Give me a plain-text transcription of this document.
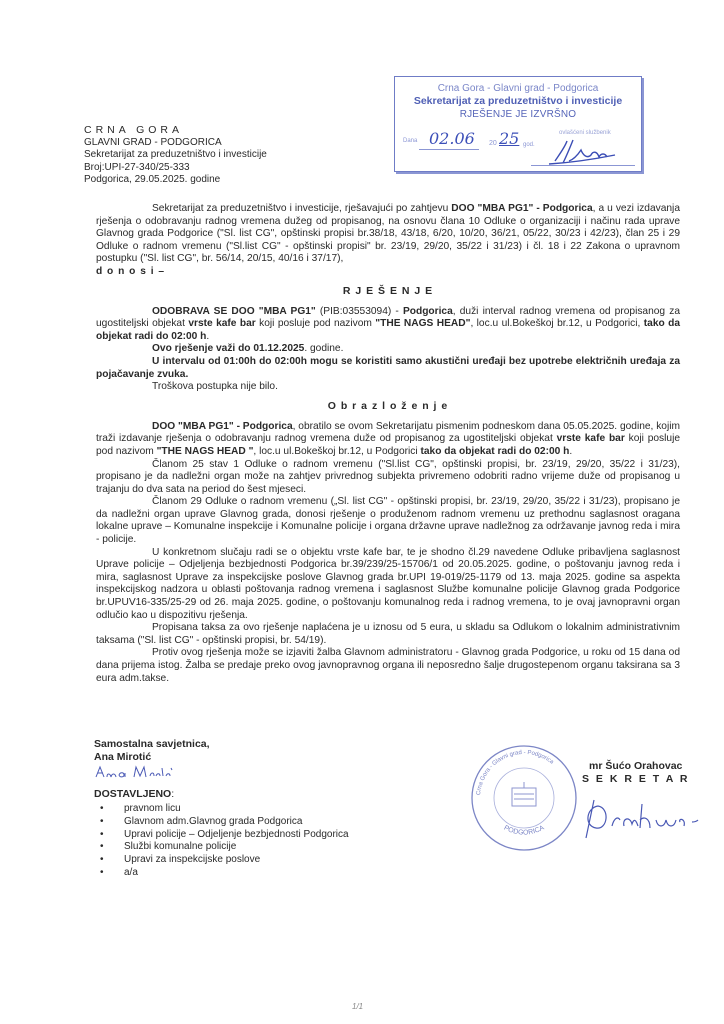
Crna Gora - Glavni grad - Podgorica
Sekretarijat za preduzetništvo i investicije
RJEŠENJE JE IZVRŠNO
Dana 02.06 20 25 god.
ovlašćeni službenik
CRNA GORA
GLAVNI GRAD - PODGORICA
Sekretarijat za preduzetništvo i investicije
Broj:UPI-27-340/25-333
Podgorica, 29.05.2025. godine
Sekretarijat za preduzetništvo i investicije, rješavajući po zahtjevu DOO "MBA PG1" - Podgorica, a u vezi izdavanja rješenja o odobravanju radnog vremena dužeg od propisanog, na osnovu člana 10 Odluke o organizaciji i načinu rada uprave Glavnog grada Podgorice ("Sl. list CG", opštinski propisi br.38/18, 43/18, 6/20, 10/20, 36/21, 05/22, 30/23 i 42/23), član 25 i 29 Odluke o radnom vremenu ("Sl.list CG" - opštinski propisi" br. 23/19, 29/20, 35/22 i 31/23) i čl. 18 i 22 Zakona o upravnom postupku ("Sl. list CG", br. 56/14, 20/15, 40/16 i 37/17),
d o n o s i –
R J E Š E N J E
ODOBRAVA SE DOO "MBA PG1" (PIB:03553094) - Podgorica, duži interval radnog vremena od propisanog za ugostiteljski objekat vrste kafe bar koji posluje pod nazivom "THE NAGS HEAD", loc.u ul.Bokeškoj br.12, u Podgorici, tako da objekat radi do 02:00 h.
Ovo rješenje važi do 01.12.2025. godine.
U intervalu od 01:00h do 02:00h mogu se koristiti samo akustični uređaji bez upotrebe električnih uređaja za pojačavanje zvuka.
Troškova postupka nije bilo.
O b r a z l o ž e n j e
DOO "MBA PG1" - Podgorica, obratilo se ovom Sekretarijatu pismenim podneskom dana 05.05.2025. godine, kojim traži izdavanje rješenja o odobravanju radnog vremena duže od propisanog za ugostiteljski objekat vrste kafe bar koji posluje pod nazivom "THE NAGS HEAD ", loc.u ul.Bokeškoj br.12, u Podgorici tako da objekat radi do 02:00 h.
Članom 25 stav 1 Odluke o radnom vremenu ("Sl.list CG", opštinski propisi, br. 23/19, 29/20, 35/22 i 31/23), propisano je da nadležni organ može na zahtjev privrednog subjekta privremeno odobriti radno vrijeme duže od propisanog u trajanju do dva sata na period do šest mjeseci.
Članom 29 Odluke o radnom vremenu („Sl. list CG" - opštinski propisi, br. 23/19, 29/20, 35/22 i 31/23), propisano je da nadležni organ uprave Glavnog grada, donosi rješenje o produženom radnom vremenu uz prethodnu saglasnost oragana lokalne uprave – Komunalne inspekcije i Komunalne policije i organa državne uprave nadležnog za održavanje javnog reda i mira - policije.
U konkretnom slučaju radi se o objektu vrste kafe bar, te je shodno čl.29 navedene Odluke pribavljena saglasnost Uprave policije – Odjeljenja bezbjednosti Podgorica br.39/239/25-15706/1 od 20.05.2025. godine, o poštovanju javnog reda i mira, saglasnost Uprave za inspekcijske poslove Glavnog grada br.UPI 19-019/25-1179 od 13. maja 2025. godine sa aspekta inspekcijskog nadzora u oblasti poštovanja radnog vremena i saglasnost Službe komunalne policije Glavnog grada Podgorice br.UPUV16-335/25-29 od 26. maja 2025. godine, o poštovanju komunalnog reda i radnog vremena, to je ovaj javnopravni organ odlučio kao u dispozitivu rješenja.
Propisana taksa za ovo rješenje naplaćena je u iznosu od 5 eura, u skladu sa Odlukom o lokalnim administrativnim taksama ("Sl. list CG" - opštinski propisi, br. 54/19).
Protiv ovog rješenja može se izjaviti žalba Glavnom administratoru - Glavnog grada Podgorice, u roku od 15 dana od dana prijema istog. Žalba se predaje preko ovog javnopravnog organa ili neposredno šalje drugostepenom organu taksirana sa 3 eura adm.takse.
Samostalna savjetnica,
Ana Mirotić
DOSTAVLJENO:
• pravnom licu
• Glavnom adm.Glavnog grada Podgorica
• Upravi policije – Odjeljenje bezbjednosti Podgorica
• Službi komunalne policije
• Upravi za inspekcijske poslove
• a/a
Crna Gora - Glavni grad - Podgorica
PODGORICA
mr Šućo Orahovac
S E K R E T A R
1/1
